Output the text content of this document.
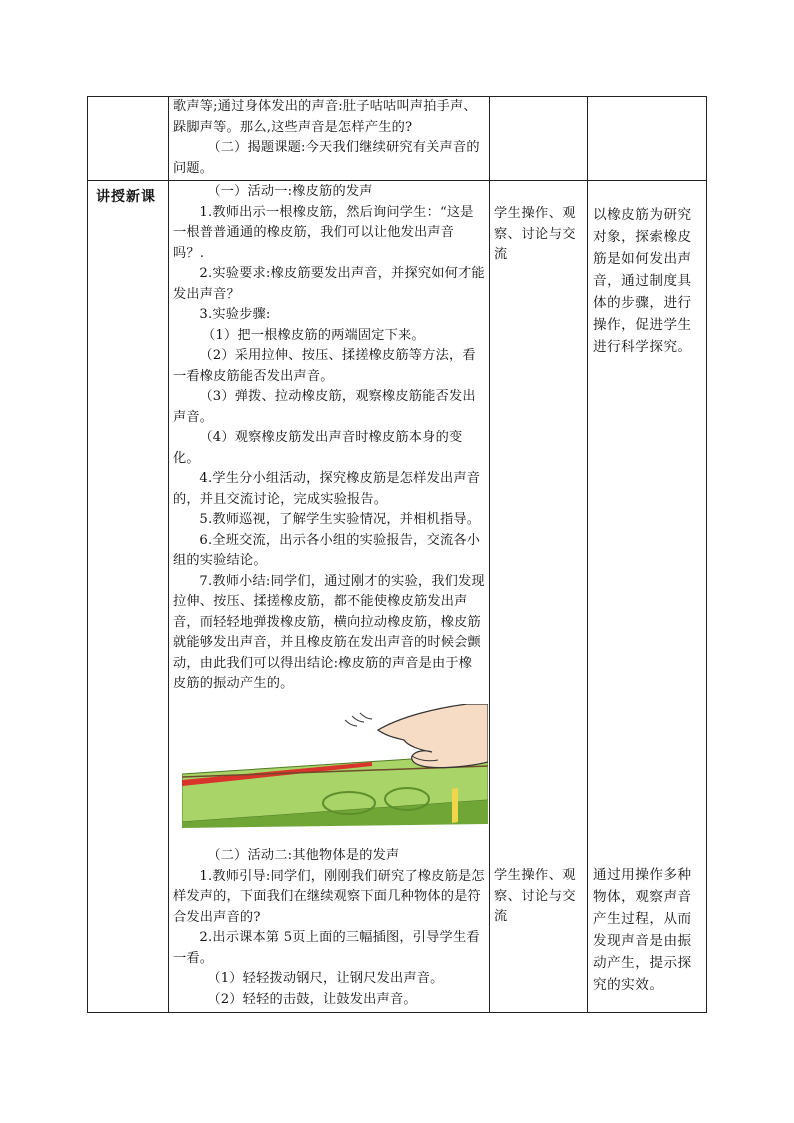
歌声等;通过身体发出的声音:肚子咕咕叫声拍手声、跺脚声等。那么,这些声音是怎样产生的?

（二）揭题课题:今天我们继续研究有关声音的问题。

讲授新课	（一）活动一:橡皮筋的发声

1.教师出示一根橡皮筋，然后询问学生：“这是一根普普通通的橡皮筋，我们可以让他发出声音吗？.

2.实验要求:橡皮筋要发出声音，并探究如何才能发出声音？

3.实验步骤:

（1）把一根橡皮筋的两端固定下来。

（2）采用拉伸、按压、揉搓橡皮筋等方法，看一看橡皮筋能否发出声音。

（3）弹拨、拉动橡皮筋，观察橡皮筋能否发出声音。

（4）观察橡皮筋发出声音时橡皮筋本身的变化。

4.学生分小组活动，探究橡皮筋是怎样发出声音的，并且交流讨论，完成实验报告。

5.教师巡视，了解学生实验情况，并相机指导。

6.全班交流，出示各小组的实验报告，交流各小组的实验结论。

7.教师小结:同学们，通过刚才的实验，我们发现拉伸、按压、揉搓橡皮筋，都不能使橡皮筋发出声音，而轻轻地弹拨橡皮筋，横向拉动橡皮筋，橡皮筋就能够发出声音，并且橡皮筋在发出声音的时候会颤动，由此我们可以得出结论:橡皮筋的声音是由于橡皮筋的振动产生的。

学生操作、观察、讨论与交流
以橡皮筋为研究对象，探索橡皮筋是如何发出声音，通过制度具体的步骤，进行操作，促进学生进行科学探究。

（二）活动二:其他物体是的发声

1.教师引导:同学们，刚刚我们研究了橡皮筋是怎样发声的，下面我们在继续观察下面几种物体的是符合发出声音的?

2.出示课本第 5页上面的三幅插图，引导学生看一看。

（1）轻轻拨动钢尺，让钢尺发出声音。

（2）轻轻的击鼓，让鼓发出声音。

学生操作、观察、讨论与交流
通过用操作多种物体，观察声音产生过程，从而发现声音是由振动产生，提示探究的实效。
